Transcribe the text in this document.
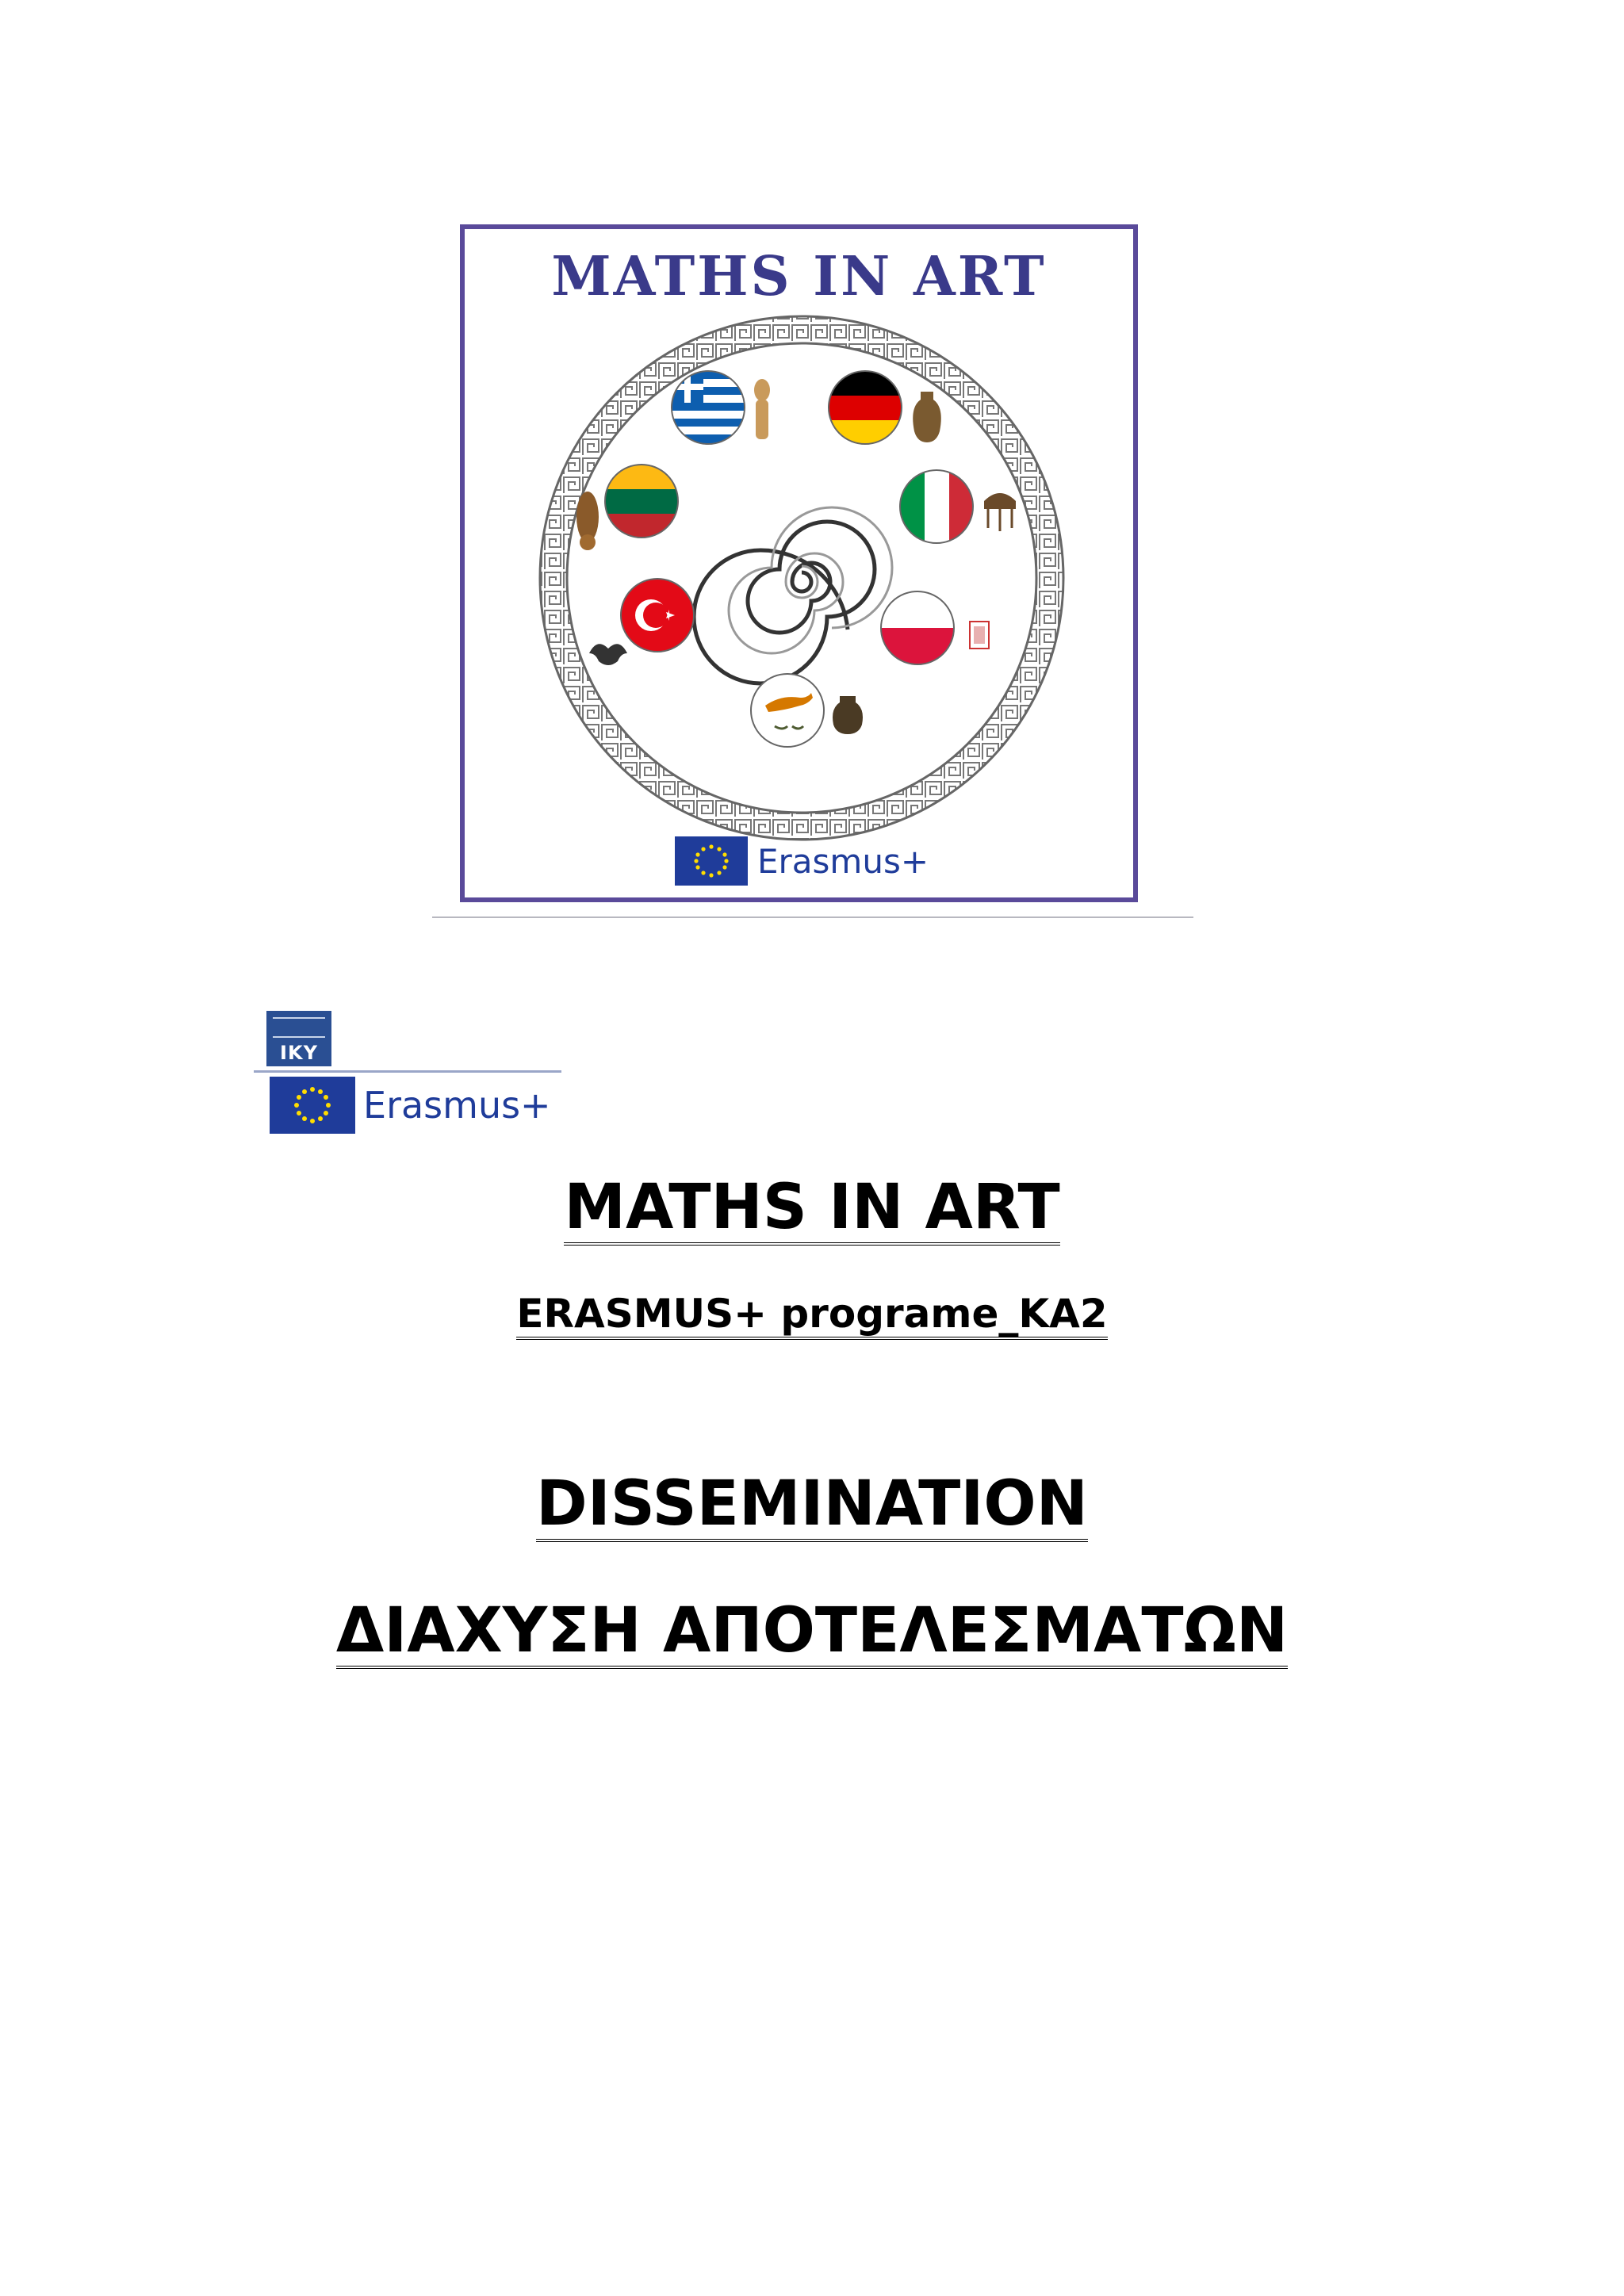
MATHS IN ART
Erasmus+
IKY
Erasmus+
MATHS IN ART
ERASMUS+ programe_KA2
DISSEMINATION
ΔΙΑΧΥΣΗ ΑΠΟΤΕΛΕΣΜΑΤΩΝ
